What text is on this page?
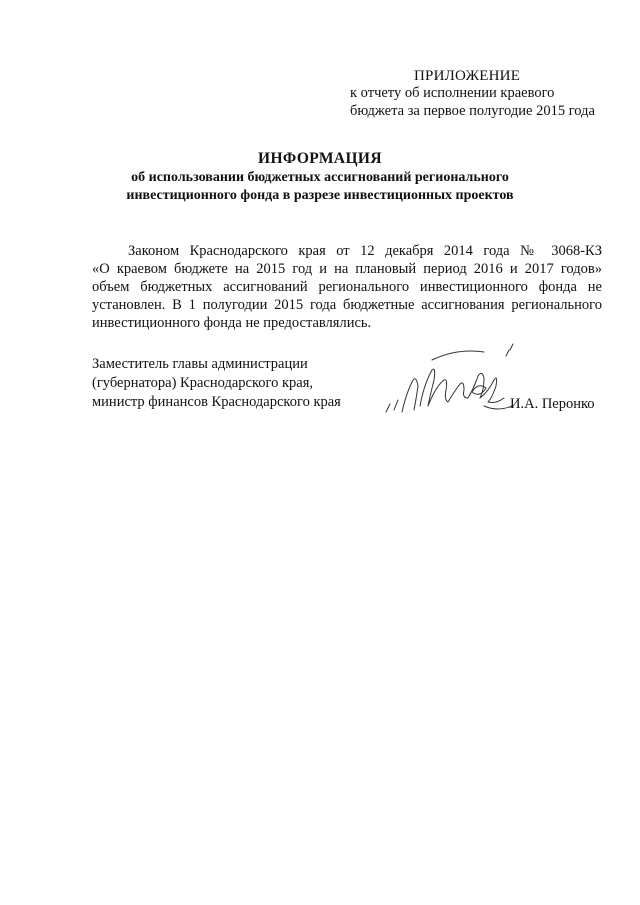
ПРИЛОЖЕНИЕ
к отчету об исполнении краевого
бюджета за первое полугодие 2015 года
ИНФОРМАЦИЯ
об использовании бюджетных ассигнований регионального
инвестиционного фонда в разрезе инвестиционных проектов
Законом Краснодарского края от 12 декабря 2014 года № 3068-КЗ
«О краевом бюджете на 2015 год и на плановый период 2016 и 2017 годов»
объем бюджетных ассигнований регионального инвестиционного фонда не
установлен. В 1 полугодии 2015 года бюджетные ассигнования регионального
инвестиционного фонда не предоставлялись.
Заместитель главы администрации
(губернатора) Краснодарского края,
министр финансов Краснодарского края	И.А. Перонко
